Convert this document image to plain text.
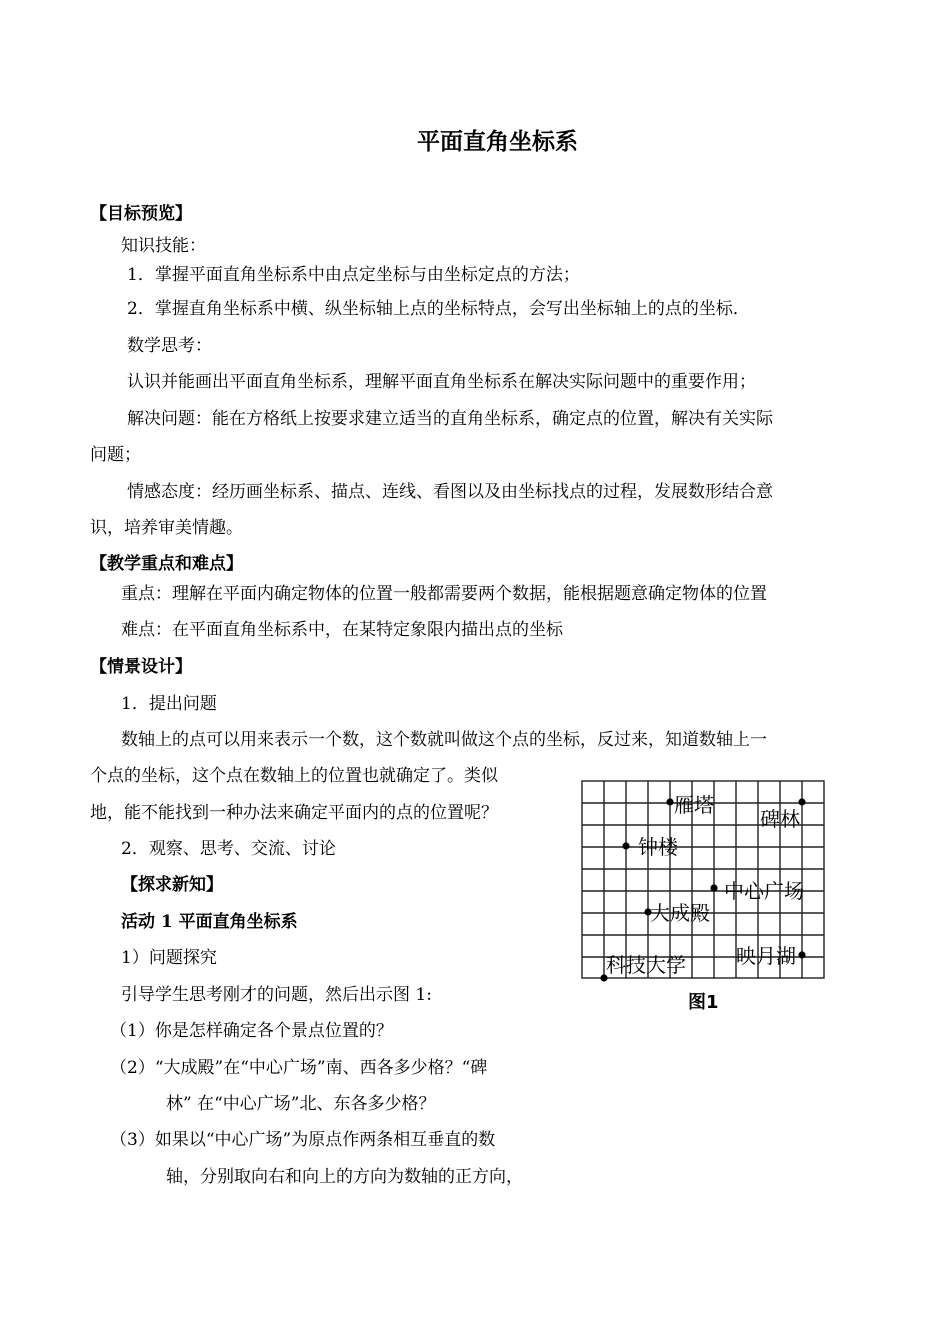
平面直角坐标系
【目标预览】
知识技能：
1．掌握平面直角坐标系中由点定坐标与由坐标定点的方法；
2．掌握直角坐标系中横、纵坐标轴上点的坐标特点，会写出坐标轴上的点的坐标．
数学思考：
认识并能画出平面直角坐标系，理解平面直角坐标系在解决实际问题中的重要作用；
解决问题：能在方格纸上按要求建立适当的直角坐标系，确定点的位置，解决有关实际
问题；
情感态度：经历画坐标系、描点、连线、看图以及由坐标找点的过程，发展数形结合意
识，培养审美情趣。
【教学重点和难点】
重点：理解在平面内确定物体的位置一般都需要两个数据，能根据题意确定物体的位置
难点：在平面直角坐标系中，在某特定象限内描出点的坐标
【情景设计】
1．提出问题
数轴上的点可以用来表示一个数，这个数就叫做这个点的坐标，反过来，知道数轴上一
个点的坐标，这个点在数轴上的位置也就确定了。类似
地，能不能找到一种办法来确定平面内的点的位置呢？
2．观察、思考、交流、讨论
【探求新知】
活动 1 平面直角坐标系
1）问题探究
引导学生思考刚才的问题，然后出示图 1:
（1）你是怎样确定各个景点位置的？
（2）“大成殿”在“中心广场”南、西各多少格？“碑
林” 在“中心广场”北、东各多少格？
（3）如果以“中心广场”为原点作两条相互垂直的数
轴，分别取向右和向上的方向为数轴的正方向，
雁塔
碑林
钟楼
中心广场
大成殿
映月湖
科技大学
图1
